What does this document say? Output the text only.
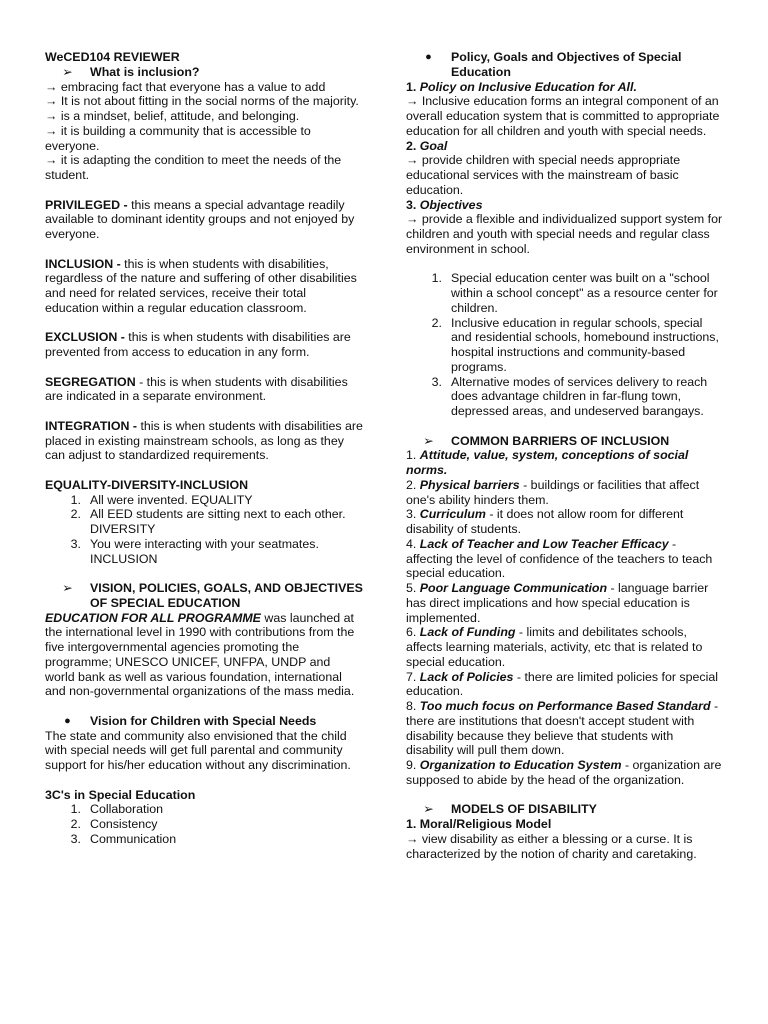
WeCED104 REVIEWER

➢	What is inclusion?

→ embracing fact that everyone has a value to add

→ It is not about fitting in the social norms of the majority.

→ is a mindset, belief, attitude, and belonging.

→ it is building a community that is accessible to everyone.

→ it is adapting the condition to meet the needs of the student.

PRIVILEGED - this means a special advantage readily available to dominant identity groups and not enjoyed by everyone.

INCLUSION - this is when students with disabilities, regardless of the nature and suffering of other disabilities and need for related services, receive their total education within a regular education classroom.

EXCLUSION - this is when students with disabilities are prevented from access to education in any form.

SEGREGATION - this is when students with disabilities are indicated in a separate environment.

INTEGRATION - this is when students with disabilities are placed in existing mainstream schools, as long as they can adjust to standardized requirements.

EQUALITY-DIVERSITY-INCLUSION

1. All were invented. EQUALITY
2. All EED students are sitting next to each other. DIVERSITY
3. You were interacting with your seatmates. INCLUSION
➢	VISION, POLICIES, GOALS, AND OBJECTIVES OF SPECIAL EDUCATION

EDUCATION FOR ALL PROGRAMME was launched at the international level in 1990 with contributions from the five intergovernmental agencies promoting the programme; UNESCO UNICEF, UNFPA, UNDP and world bank as well as various foundation, international and non-governmental organizations of the mass media.

●	Vision for Children with Special Needs

The state and community also envisioned that the child with special needs will get full parental and community support for his/her education without any discrimination.

3C's in Special Education

1. Collaboration
2. Consistency
3. Communication
●	Policy, Goals and Objectives of Special Education

1. Policy on Inclusive Education for All.

→ Inclusive education forms an integral component of an overall education system that is committed to appropriate education for all children and youth with special needs.

2. Goal

→ provide children with special needs appropriate educational services with the mainstream of basic education.

3. Objectives

→ provide a flexible and individualized support system for children and youth with special needs and regular class environment in school.

1. Special education center was built on a "school within a school concept" as a resource center for children.
2. Inclusive education in regular schools, special and residential schools, homebound instructions, hospital instructions and community-based programs.
3. Alternative modes of services delivery to reach does advantage children in far-flung town, depressed areas, and undeserved barangays.
➢	COMMON BARRIERS OF INCLUSION

1. Attitude, value, system, conceptions of social norms.

2. Physical barriers - buildings or facilities that affect one's ability hinders them.

3. Curriculum - it does not allow room for different disability of students.

4. Lack of Teacher and Low Teacher Efficacy - affecting the level of confidence of the teachers to teach special education.

5. Poor Language Communication - language barrier has direct implications and how special education is implemented.

6. Lack of Funding - limits and debilitates schools, affects learning materials, activity, etc that is related to special education.

7. Lack of Policies - there are limited policies for special education.

8. Too much focus on Performance Based Standard - there are institutions that doesn't accept student with disability because they believe that students with disability will pull them down.

9. Organization to Education System - organization are supposed to abide by the head of the organization.

➢	MODELS OF DISABILITY

1. Moral/Religious Model

→ view disability as either a blessing or a curse. It is characterized by the notion of charity and caretaking.
